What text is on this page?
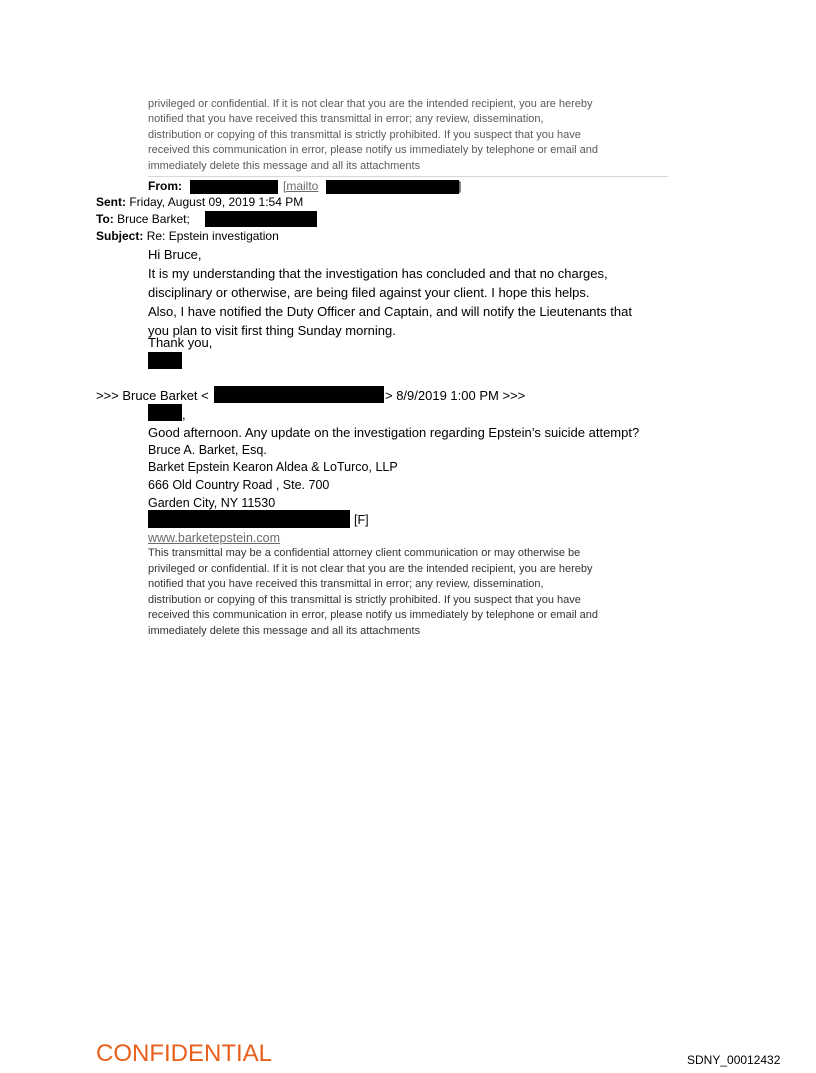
privileged or confidential. If it is not clear that you are the intended recipient, you are hereby
notified that you have received this transmittal in error; any review, dissemination,
distribution or copying of this transmittal is strictly prohibited. If you suspect that you have
received this communication in error, please notify us immediately by telephone or email and
immediately delete this message and all its attachments
From:	[mailto	]
Sent: Friday, August 09, 2019 1:54 PM
To: Bruce Barket;
Subject: Re: Epstein investigation
Hi Bruce,
It is my understanding that the investigation has concluded and that no charges,
disciplinary or otherwise, are being filed against your client. I hope this helps.
Also, I have notified the Duty Officer and Captain, and will notify the Lieutenants that
you plan to visit first thing Sunday morning.
Thank you,
>>> Bruce Barket <	> 8/9/2019 1:00 PM >>>
,
Good afternoon. Any update on the investigation regarding Epstein’s suicide attempt?
Bruce A. Barket, Esq.
Barket Epstein Kearon Aldea & LoTurco, LLP
666 Old Country Road , Ste. 700
Garden City, NY 11530
[F]
www.barketepstein.com
This transmittal may be a confidential attorney client communication or may otherwise be
privileged or confidential. If it is not clear that you are the intended recipient, you are hereby
notified that you have received this transmittal in error; any review, dissemination,
distribution or copying of this transmittal is strictly prohibited. If you suspect that you have
received this communication in error, please notify us immediately by telephone or email and
immediately delete this message and all its attachments
CONFIDENTIAL	SDNY_00012432
